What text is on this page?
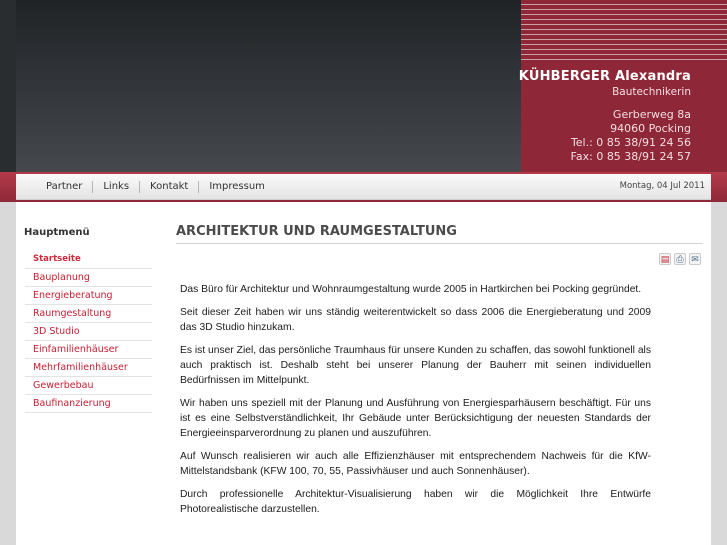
KÜHBERGER Alexandra
Bautechnikerin
Gerberweg 8a
94060 Pocking
Tel.: 0 85 38/91 24 56
Fax: 0 85 38/91 24 57
Partner	Links	Kontakt	Impressum	Montag, 04 Jul 2011
Hauptmenü
Startseite
Bauplanung
Energieberatung
Raumgestaltung
3D Studio
Einfamilienhäuser
Mehrfamilienhäuser
Gewerbebau
Baufinanzierung
ARCHITEKTUR UND RAUMGESTALTUNG
▤ ⎙ ✉

Das Büro für Architektur und Wohnraumgestaltung wurde 2005 in Hartkirchen bei Pocking gegründet.

Seit dieser Zeit haben wir uns ständig weiterentwickelt so dass 2006 die Energieberatung und 2009 das 3D Studio hinzukam.

Es ist unser Ziel, das persönliche Traumhaus für unsere Kunden zu schaffen, das sowohl funktionell als auch praktisch ist. Deshalb steht bei unserer Planung der Bauherr mit seinen individuellen Bedürfnissen im Mittelpunkt.

Wir haben uns speziell mit der Planung und Ausführung von Energiesparhäusern beschäftigt. Für uns ist es eine Selbstverständlichkeit, Ihr Gebäude unter Berücksichtigung der neuesten Standards der Energieeinsparverordnung zu planen und auszuführen.

Auf Wunsch realisieren wir auch alle Effizienzhäuser mit entsprechendem Nachweis für die KfW-Mittelstandsbank (KFW 100, 70, 55, Passivhäuser und auch Sonnenhäuser).

Durch professionelle Architektur-Visualisierung haben wir die Möglichkeit Ihre Entwürfe Photorealistische darzustellen.
